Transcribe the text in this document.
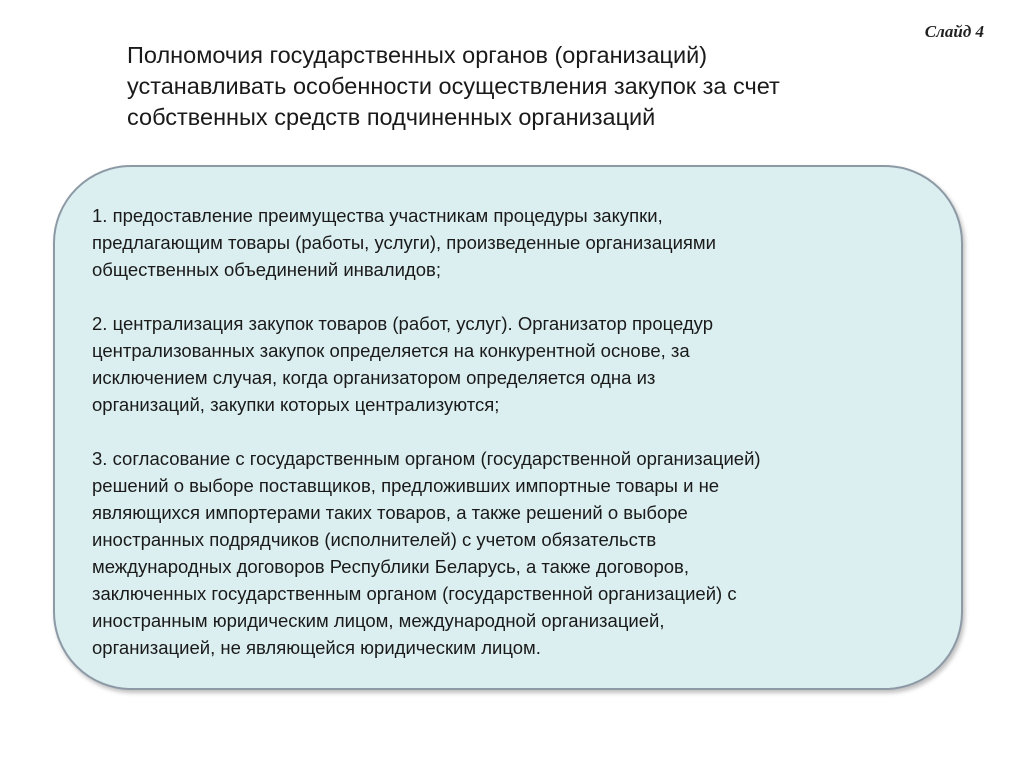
Слайд 4
Полномочия государственных органов (организаций)
устанавливать особенности осуществления закупок за счет
собственных средств подчиненных организаций
1. предоставление преимущества участникам процедуры закупки,
предлагающим товары (работы, услуги), произведенные организациями
общественных объединений инвалидов;
2. централизация закупок товаров (работ, услуг). Организатор процедур
централизованных закупок определяется на конкурентной основе, за
исключением случая, когда организатором определяется одна из
организаций, закупки которых централизуются;
3. согласование с государственным органом (государственной организацией)
решений о выборе поставщиков, предложивших импортные товары и не
являющихся импортерами таких товаров, а также решений о выборе
иностранных подрядчиков (исполнителей) с учетом обязательств
международных договоров Республики Беларусь, а также договоров,
заключенных государственным органом (государственной организацией) с
иностранным юридическим лицом, международной организацией,
организацией, не являющейся юридическим лицом.
